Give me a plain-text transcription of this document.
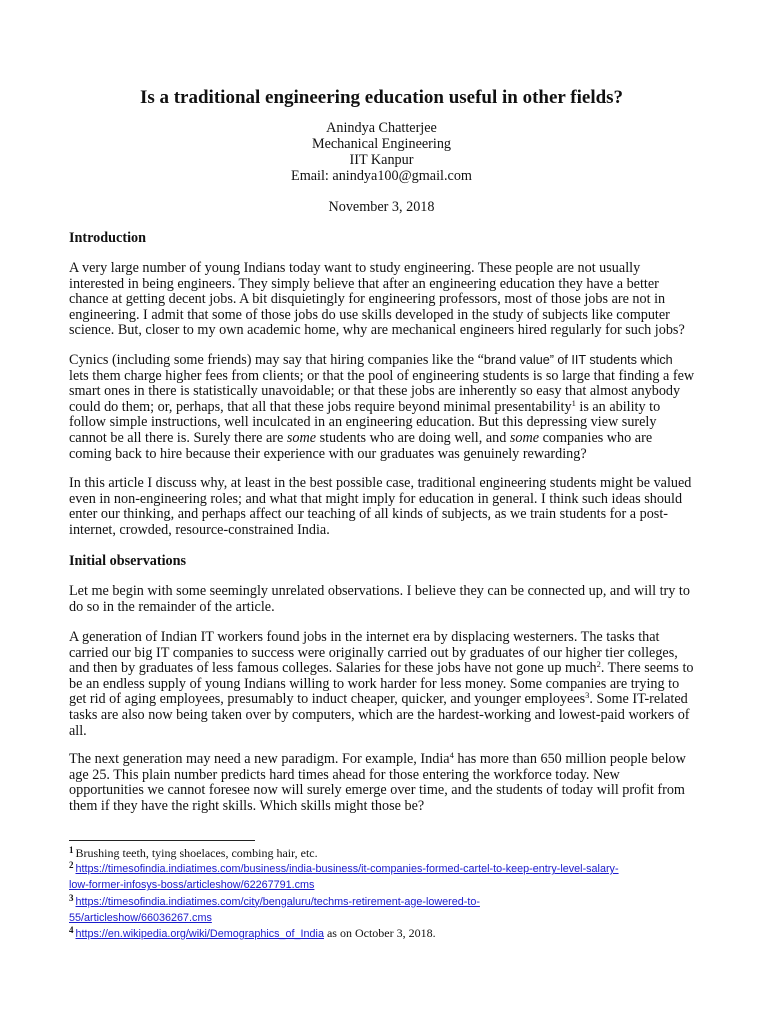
Is a traditional engineering education useful in other fields?
Anindya Chatterjee
Mechanical Engineering
IIT Kanpur
Email: anindya100@gmail.com
November 3, 2018
Introduction
A very large number of young Indians today want to study engineering. These people are not usually
interested in being engineers. They simply believe that after an engineering education they have a better
chance at getting decent jobs. A bit disquietingly for engineering professors, most of those jobs are not in
engineering. I admit that some of those jobs do use skills developed in the study of subjects like computer
science. But, closer to my own academic home, why are mechanical engineers hired regularly for such jobs?
Cynics (including some friends) may say that hiring companies like the “brand value” of IIT students which
lets them charge higher fees from clients; or that the pool of engineering students is so large that finding a few
smart ones in there is statistically unavoidable; or that these jobs are inherently so easy that almost anybody
could do them; or, perhaps, that all that these jobs require beyond minimal presentability$^1$ is an ability to
follow simple instructions, well inculcated in an engineering education. But this depressing view surely
cannot be all there is. Surely there are some students who are doing well, and some companies who are
coming back to hire because their experience with our graduates was genuinely rewarding?
In this article I discuss why, at least in the best possible case, traditional engineering students might be valued
even in non-engineering roles; and what that might imply for education in general. I think such ideas should
enter our thinking, and perhaps affect our teaching of all kinds of subjects, as we train students for a post-
internet, crowded, resource-constrained India.
Initial observations
Let me begin with some seemingly unrelated observations. I believe they can be connected up, and will try to
do so in the remainder of the article.
A generation of Indian IT workers found jobs in the internet era by displacing westerners. The tasks that
carried our big IT companies to success were originally carried out by graduates of our higher tier colleges,
and then by graduates of less famous colleges. Salaries for these jobs have not gone up much$^2$. There seems to
be an endless supply of young Indians willing to work harder for less money. Some companies are trying to
get rid of aging employees, presumably to induct cheaper, quicker, and younger employees$^3$. Some IT-related
tasks are also now being taken over by computers, which are the hardest-working and lowest-paid workers of
all.
The next generation may need a new paradigm. For example, India$^4$ has more than 650 million people below
age 25. This plain number predicts hard times ahead for those entering the workforce today. New
opportunities we cannot foresee now will surely emerge over time, and the students of today will profit from
them if they have the right skills. Which skills might those be?
$^1$ Brushing teeth, tying shoelaces, combing hair, etc.
$^2$ https://timesofindia.indiatimes.com/business/india-business/it-companies-formed-cartel-to-keep-entry-level-salary-
low-former-infosys-boss/articleshow/62267791.cms
$^3$ https://timesofindia.indiatimes.com/city/bengaluru/techms-retirement-age-lowered-to-
55/articleshow/66036267.cms
$^4$ https://en.wikipedia.org/wiki/Demographics_of_India as on October 3, 2018.
